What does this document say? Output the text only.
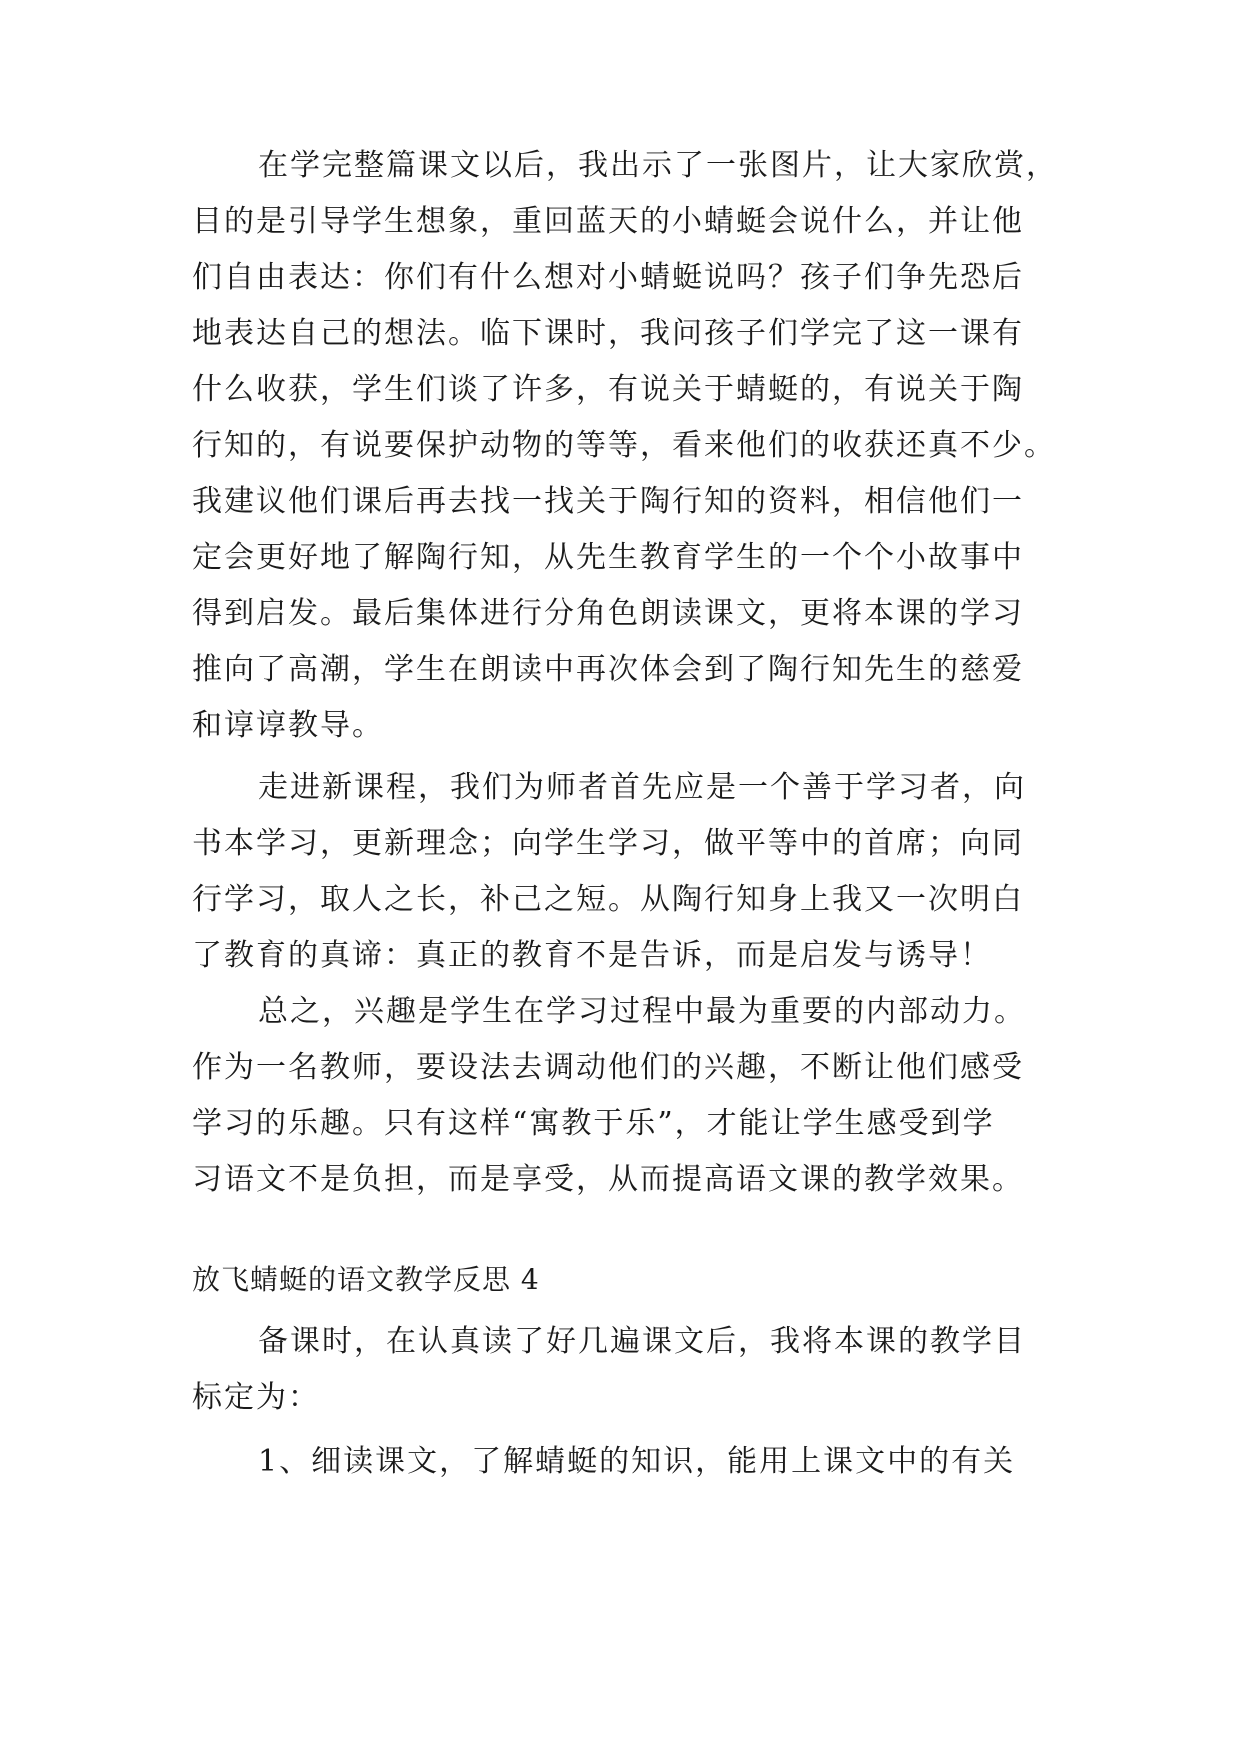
在学完整篇课文以后，我出示了一张图片，让大家欣赏，
目的是引导学生想象，重回蓝天的小蜻蜓会说什么，并让他
们自由表达：你们有什么想对小蜻蜓说吗？孩子们争先恐后
地表达自己的想法。临下课时，我问孩子们学完了这一课有
什么收获，学生们谈了许多，有说关于蜻蜓的，有说关于陶
行知的，有说要保护动物的等等，看来他们的收获还真不少。
我建议他们课后再去找一找关于陶行知的资料，相信他们一
定会更好地了解陶行知，从先生教育学生的一个个小故事中
得到启发。最后集体进行分角色朗读课文，更将本课的学习
推向了高潮，学生在朗读中再次体会到了陶行知先生的慈爱
和谆谆教导。
走进新课程，我们为师者首先应是一个善于学习者，向
书本学习，更新理念；向学生学习，做平等中的首席；向同
行学习，取人之长，补己之短。从陶行知身上我又一次明白
了教育的真谛：真正的教育不是告诉，而是启发与诱导！
总之，兴趣是学生在学习过程中最为重要的内部动力。
作为一名教师，要设法去调动他们的兴趣，不断让他们感受
学习的乐趣。只有这样“寓教于乐”，才能让学生感受到学
习语文不是负担，而是享受，从而提高语文课的教学效果。
放飞蜻蜓的语文教学反思 4
备课时，在认真读了好几遍课文后，我将本课的教学目
标定为：
1、细读课文，了解蜻蜓的知识，能用上课文中的有关
